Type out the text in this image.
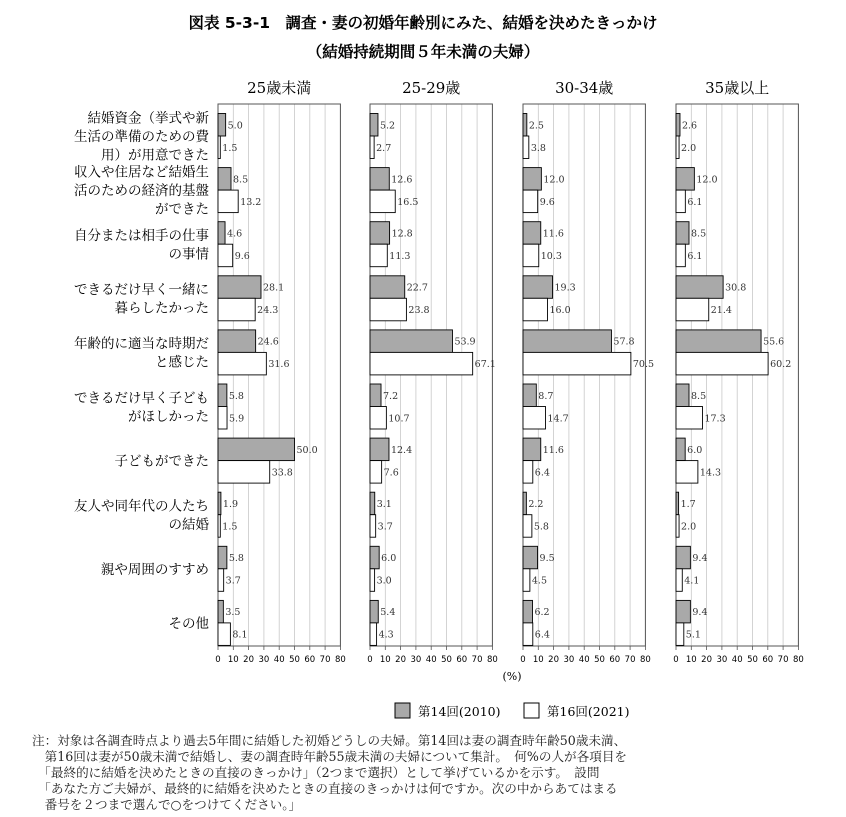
図表 5-3-1　調査・妻の初婚年齢別にみた、結婚を決めたきっかけ
（結婚持続期間５年未満の夫婦）
25歳未満
0 10 20 30 40 50 60 70 80
5.0
1.5
8.5
13.2
4.6
9.6
28.1
24.3
24.6
31.6
5.8
5.9
50.0
33.8
1.9
1.5
5.8
3.7
3.5
8.1
25-29歳
0 10 20 30 40 50 60 70 80
5.2
2.7
12.6
16.5
12.8
11.3
22.7
23.8
53.9
67.1
7.2
10.7
12.4
7.6
3.1
3.7
6.0
3.0
5.4
4.3
30-34歳
0 10 20 30 40 50 60 70 80
2.5
3.8
12.0
9.6
11.6
10.3
19.3
16.0
57.8
70.5
8.7
14.7
11.6
6.4
2.2
5.8
9.5
4.5
6.2
6.4
35歳以上
0 10 20 30 40 50 60 70 80
2.6
2.0
12.0
6.1
8.5
6.1
30.8
21.4
55.6
60.2
8.5
17.3
6.0
14.3
1.7
2.0
9.4
4.1
9.4
5.1
結婚資金（挙式や新生活の準備のための費用）が用意できた
収入や住居など結婚生活のための経済的基盤ができた
自分または相手の仕事の事情
できるだけ早く一緒に暮らしたかった
年齢的に適当な時期だと感じた
できるだけ早く子どもがほしかった
子どもができた
友人や同年代の人たちの結婚
親や周囲のすすめ
その他
(%)
第14回(2010)	第16回(2021)
注：対象は各調査時点より過去5年間に結婚した初婚どうしの夫婦。第14回は妻の調査時年齢50歳未満、
　第16回は妻が50歳未満で結婚し、妻の調査時年齢55歳未満の夫婦について集計。　何%の人が各項目を
　「最終的に結婚を決めたときの直接のきっかけ」（2つまで選択）として挙げているかを示す。　設問
　「あなた方ご夫婦が、最終的に結婚を決めたときの直接のきっかけは何ですか。次の中からあてはまる
　番号を２つまで選んで○をつけてください。」
